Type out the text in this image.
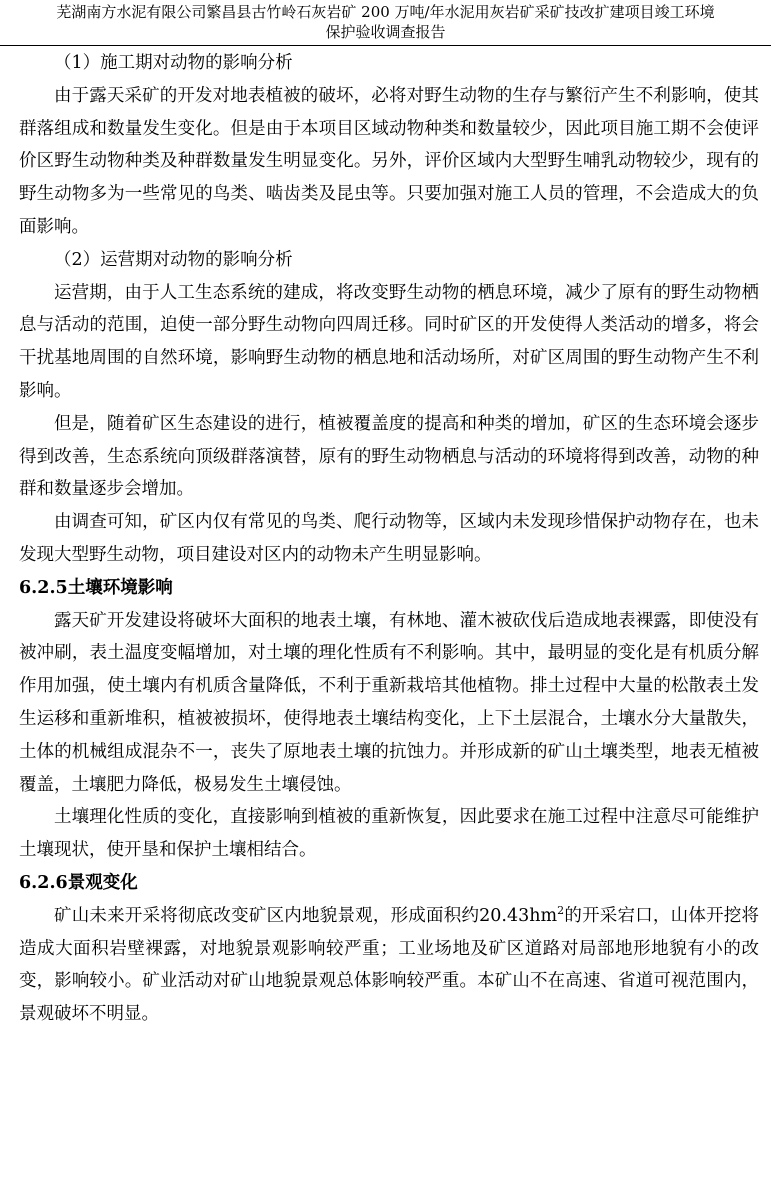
芜湖南方水泥有限公司繁昌县古竹岭石灰岩矿 200 万吨/年水泥用灰岩矿采矿技改扩建项目竣工环境
保护验收调查报告
（1）施工期对动物的影响分析

由于露天采矿的开发对地表植被的破坏，必将对野生动物的生存与繁衍产生不利影响，使其群落组成和数量发生变化。但是由于本项目区域动物种类和数量较少，因此项目施工期不会使评价区野生动物种类及种群数量发生明显变化。另外，评价区域内大型野生哺乳动物较少，现有的野生动物多为一些常见的鸟类、啮齿类及昆虫等。只要加强对施工人员的管理，不会造成大的负面影响。

（2）运营期对动物的影响分析

运营期，由于人工生态系统的建成，将改变野生动物的栖息环境，减少了原有的野生动物栖息与活动的范围，迫使一部分野生动物向四周迁移。同时矿区的开发使得人类活动的增多，将会干扰基地周围的自然环境，影响野生动物的栖息地和活动场所，对矿区周围的野生动物产生不利影响。

但是，随着矿区生态建设的进行，植被覆盖度的提高和种类的增加，矿区的生态环境会逐步得到改善，生态系统向顶级群落演替，原有的野生动物栖息与活动的环境将得到改善，动物的种群和数量逐步会增加。

由调查可知，矿区内仅有常见的鸟类、爬行动物等，区域内未发现珍惜保护动物存在，也未发现大型野生动物，项目建设对区内的动物未产生明显影响。

6.2.5土壤环境影响

露天矿开发建设将破坏大面积的地表土壤，有林地、灌木被砍伐后造成地表裸露，即使没有被冲刷，表土温度变幅增加，对土壤的理化性质有不利影响。其中，最明显的变化是有机质分解作用加强，使土壤内有机质含量降低，不利于重新栽培其他植物。排土过程中大量的松散表土发生运移和重新堆积，植被被损坏，使得地表土壤结构变化，上下土层混合，土壤水分大量散失，土体的机械组成混杂不一，丧失了原地表土壤的抗蚀力。并形成新的矿山土壤类型，地表无植被覆盖，土壤肥力降低，极易发生土壤侵蚀。

土壤理化性质的变化，直接影响到植被的重新恢复，因此要求在施工过程中注意尽可能维护土壤现状，使开垦和保护土壤相结合。

6.2.6景观变化

矿山未来开采将彻底改变矿区内地貌景观，形成面积约$20.43hm^2$的开采宕口，山体开挖将造成大面积岩壁裸露，对地貌景观影响较严重；工业场地及矿区道路对局部地形地貌有小的改变，影响较小。矿业活动对矿山地貌景观总体影响较严重。本矿山不在高速、省道可视范围内，景观破坏不明显。
